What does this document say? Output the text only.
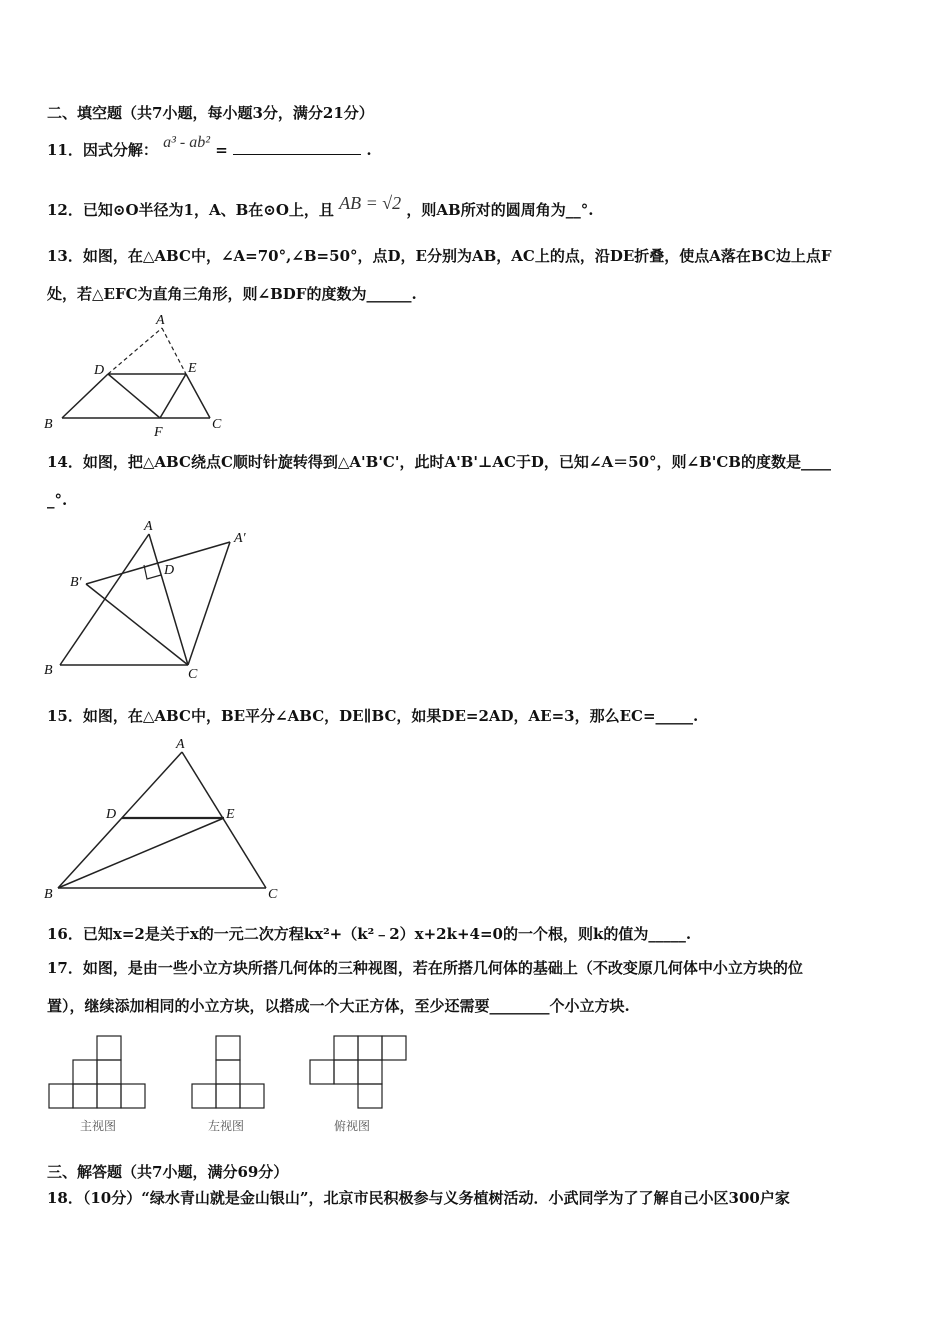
二、填空题（共7小题，每小题3分，满分21分）
11．因式分解： a³ - ab² =	.
12．已知⊙O半径为1，A、B在⊙O上，且 AB = √2 ，则AB所对的圆周角为__°.
13．如图，在△ABC中，∠A=70°,∠B=50°，点D，E分别为AB，AC上的点，沿DE折叠，使点A落在BC边上点F
处，若△EFC为直角三角形，则∠BDF的度数为______.
A
B	C
D	E
F
14．如图，把△ABC绕点C顺时针旋转得到△A'B'C'，此时A'B'⊥AC于D，已知∠A＝50°，则∠B'CB的度数是____
_°.
A
A′
B
B′
C
D
15．如图，在△ABC中，BE平分∠ABC，DE∥BC，如果DE=2AD，AE=3，那么EC=_____.
A
B	C
D	E
16．已知x=2是关于x的一元二次方程kx²+（k²﹣2）x+2k+4=0的一个根，则k的值为_____.
17．如图，是由一些小立方块所搭几何体的三种视图，若在所搭几何体的基础上（不改变原几何体中小立方块的位
置），继续添加相同的小立方块，以搭成一个大正方体，至少还需要________个小立方块.
主视图	左视图	俯视图
三、解答题（共7小题，满分69分）
18．（10分）“绿水青山就是金山银山”，北京市民积极参与义务植树活动．小武同学为了了解自己小区300户家
